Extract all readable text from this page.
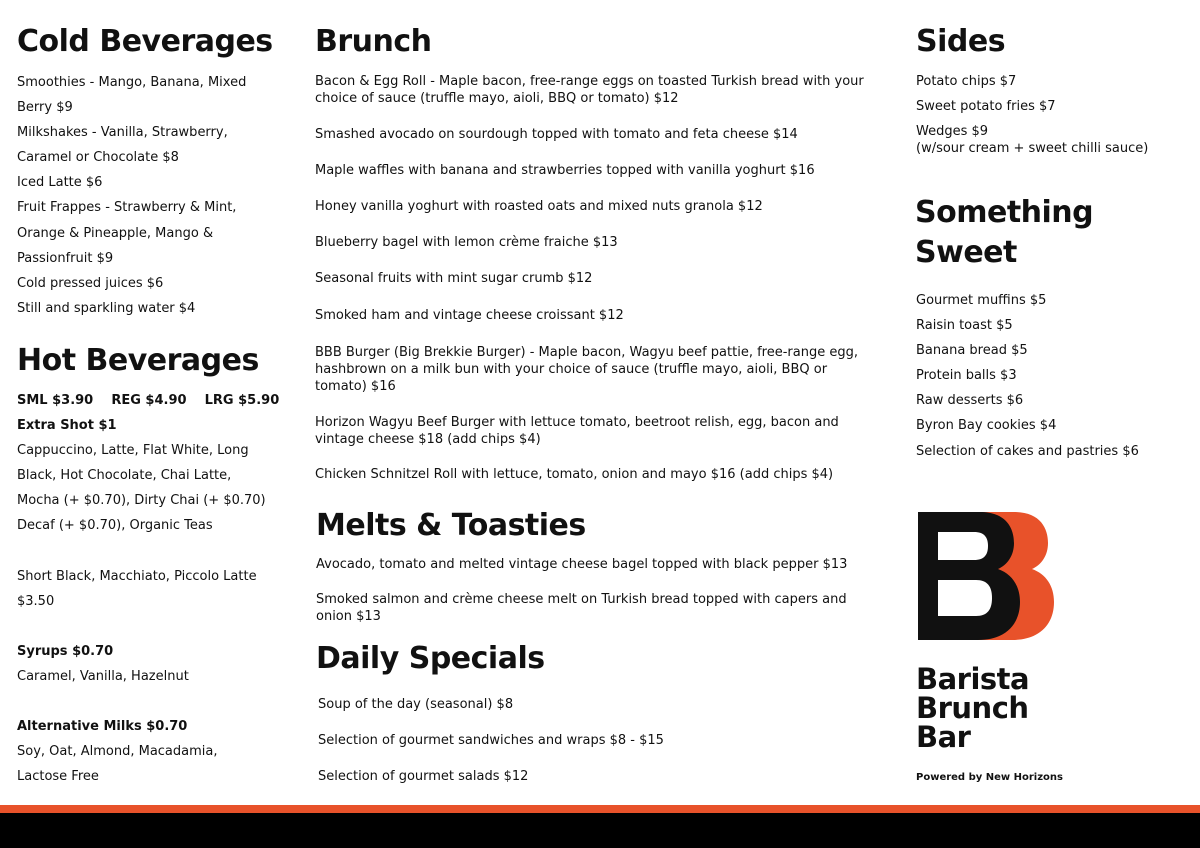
Cold Beverages

Smoothies - Mango, Banana, Mixed

Berry $9

Milkshakes - Vanilla, Strawberry,

Caramel or Chocolate $8

Iced Latte $6

Fruit Frappes - Strawberry & Mint,

Orange & Pineapple, Mango &

Passionfruit $9

Cold pressed juices $6

Still and sparkling water $4

Hot Beverages

SML $3.90    REG $4.90    LRG $5.90

Extra Shot $1

Cappuccino, Latte, Flat White, Long

Black, Hot Chocolate, Chai Latte,

Mocha (+ $0.70), Dirty Chai (+ $0.70)

Decaf (+ $0.70), Organic Teas

Short Black, Macchiato, Piccolo Latte

$3.50

Syrups $0.70

Caramel, Vanilla, Hazelnut

Alternative Milks $0.70

Soy, Oat, Almond, Macadamia,

Lactose Free

Brunch

Bacon & Egg Roll - Maple bacon, free-range eggs on toasted Turkish bread with your choice of sauce (truffle mayo, aioli, BBQ or tomato) $12

Smashed avocado on sourdough topped with tomato and feta cheese $14

Maple waffles with banana and strawberries topped with vanilla yoghurt $16

Honey vanilla yoghurt with roasted oats and mixed nuts granola $12

Blueberry bagel with lemon crème fraiche $13

Seasonal fruits with mint sugar crumb $12

Smoked ham and vintage cheese croissant $12

BBB Burger (Big Brekkie Burger) - Maple bacon, Wagyu beef pattie, free-range egg, hashbrown on a milk bun with your choice of sauce (truffle mayo, aioli, BBQ or tomato) $16

Horizon Wagyu Beef Burger with lettuce tomato, beetroot relish, egg, bacon and vintage cheese $18 (add chips $4)

Chicken Schnitzel Roll with lettuce, tomato, onion and mayo $16 (add chips $4)

Melts & Toasties

Avocado, tomato and melted vintage cheese bagel topped with black pepper $13

Smoked salmon and crème cheese melt on Turkish bread topped with capers and onion $13

Daily Specials

Soup of the day (seasonal) $8

Selection of gourmet sandwiches and wraps $8 - $15

Selection of gourmet salads $12

Sides

Potato chips $7

Sweet potato fries $7

Wedges $9

(w/sour cream + sweet chilli sauce)

Something
Sweet

Gourmet muffins $5

Raisin toast $5

Banana bread $5

Protein balls $3

Raw desserts $6

Byron Bay cookies $4

Selection of cakes and pastries $6

Barista
Brunch
Bar
Powered by New Horizons
